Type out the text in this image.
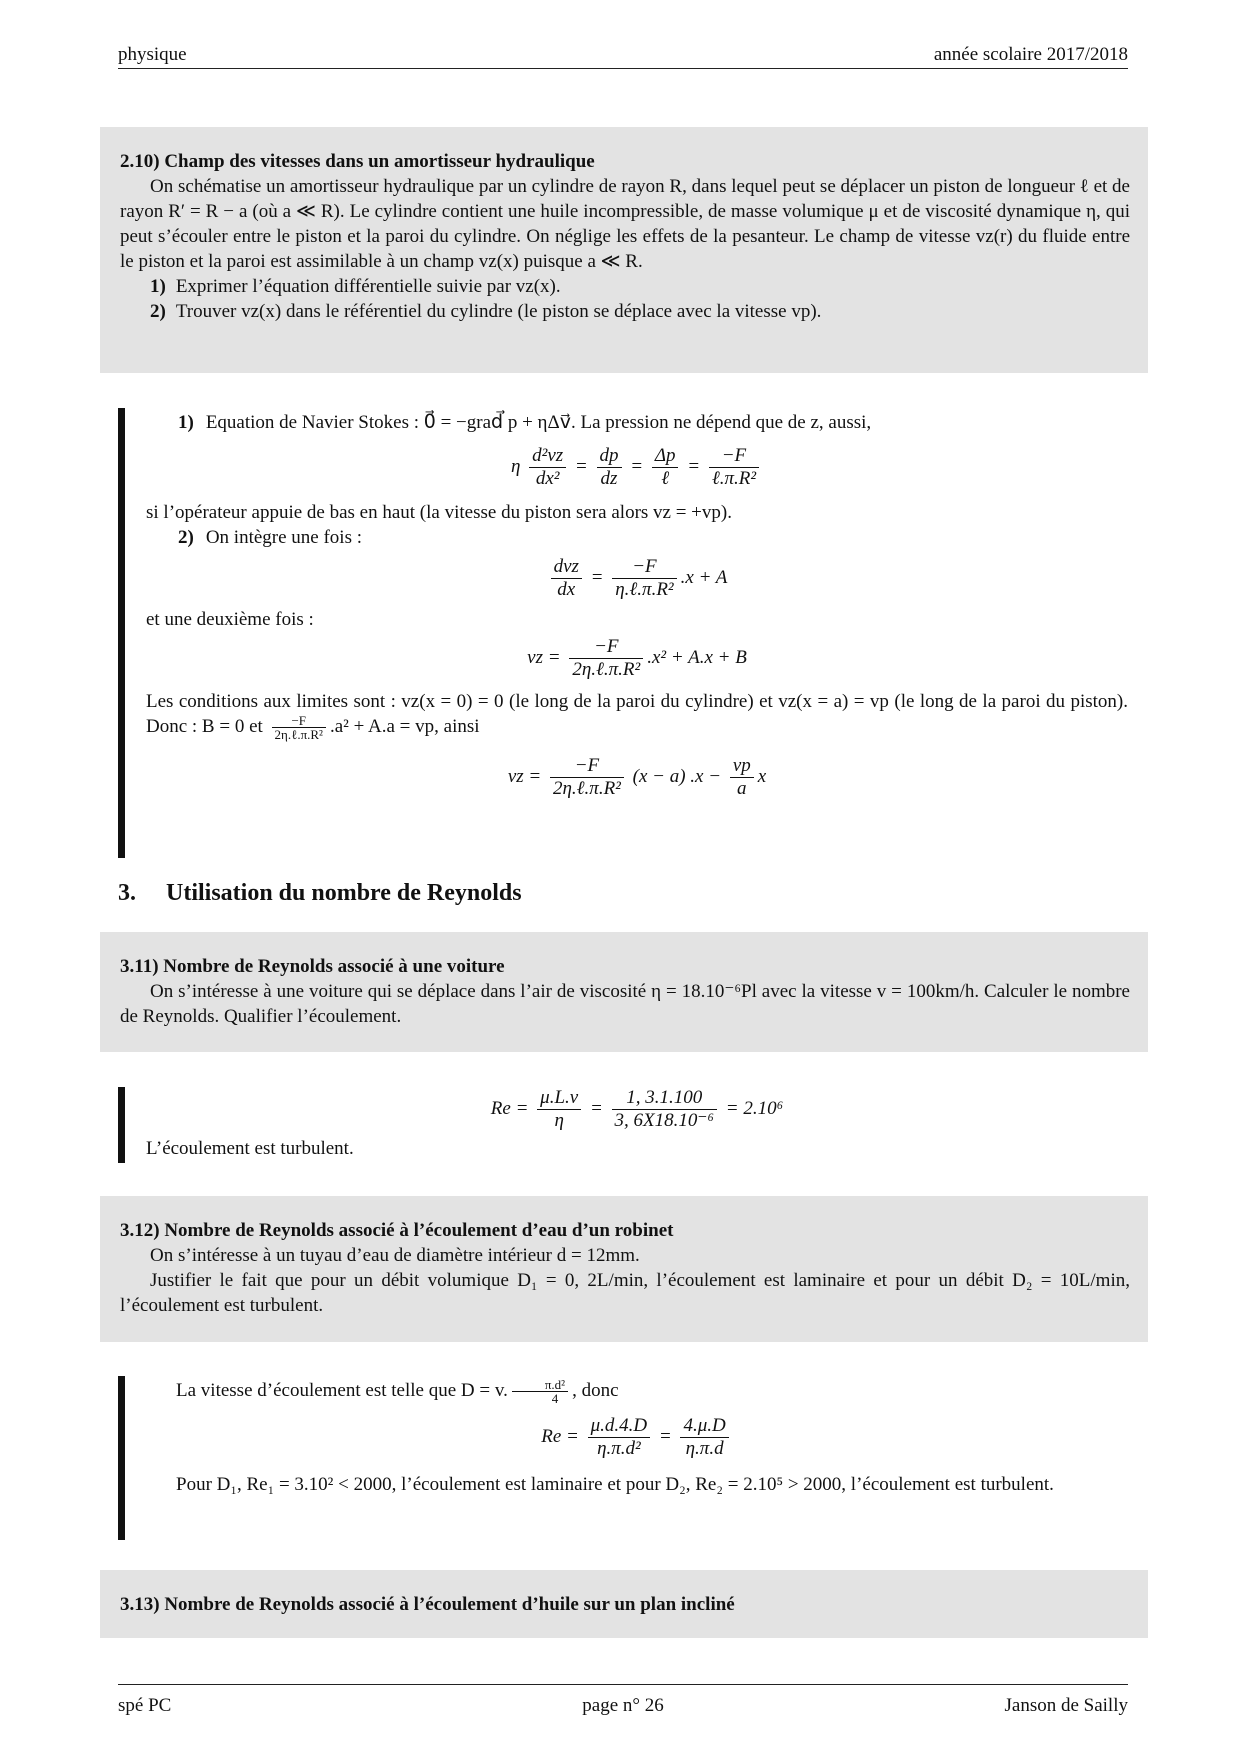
physique	année scolaire 2017/2018
2.10) Champ des vitesses dans un amortisseur hydraulique

On schématise un amortisseur hydraulique par un cylindre de rayon R, dans lequel peut se déplacer un piston de longueur ℓ et de rayon R′ = R − a (où a ≪ R). Le cylindre contient une huile incompressible, de masse volumique μ et de viscosité dynamique η, qui peut s’écouler entre le piston et la paroi du cylindre. On néglige les effets de la pesanteur. Le champ de vitesse vz(r) du fluide entre le piston et la paroi est assimilable à un champ vz(x) puisque a ≪ R.

1) Exprimer l’équation différentielle suivie par vz(x).

2) Trouver vz(x) dans le référentiel du cylindre (le piston se déplace avec la vitesse vp).

1) Equation de Navier Stokes : 0⃗ = −grad⃗ p + ηΔv⃗. La pression ne dépend que de z, aussi,

η $\frac{\text{d²vz}}{\text{dx²}} = \frac{dp}{dz} = \frac{\Delta p}{\text{ℓ}} = \frac{-F}{\text{ℓ.π.R²}}$

si l’opérateur appuie de bas en haut (la vitesse du piston sera alors vz = +vp).

2) On intègre une fois :

$\frac{\text{dvz}}{dx} = \frac{-F}{\text{η.ℓ.π.R²}} .x + A$

et une deuxième fois :

vz = $\frac{-F}{\text{2η.ℓ.π.R²}} .x^2 + A.x + B$

Les conditions aux limites sont : vz(x = 0) = 0 (le long de la paroi du cylindre) et vz(x = a) = vp (le long de la paroi du piston). Donc : B = 0 et $\frac{-F}{\text{2η.ℓ.π.R²}} .a^2 + A.a$ = vp, ainsi

vz = $\frac{-F}{\text{2η.ℓ.π.R²}} (x - a) .x - \frac{vp}{a}$ x
3. Utilisation du nombre de Reynolds
3.11) Nombre de Reynolds associé à une voiture

On s’intéresse à une voiture qui se déplace dans l’air de viscosité η = 18.10⁻⁶Pl avec la vitesse v = 100km/h. Calculer le nombre de Reynolds. Qualifier l’écoulement.

$Re = \frac{\mu.L.v}{\eta} = \frac{1, 3.1.100}{\text{3, 6X18.10⁻⁶}} = 2.10^6$

L’écoulement est turbulent.

3.12) Nombre de Reynolds associé à l’écoulement d’eau d’un robinet

On s’intéresse à un tuyau d’eau de diamètre intérieur d = 12mm.

Justifier le fait que pour un débit volumique D₁ = 0, 2L/min, l’écoulement est laminaire et pour un débit D₂ = 10L/min, l’écoulement est turbulent.

La vitesse d’écoulement est telle que D = v. $\frac{\text{π.d²}}{4}$ , donc

$Re = \frac{\mu.d.4.D}{\text{η.π.d²}} = \frac{4.\mu.D}{\eta.\pi.d}$

Pour D₁, Re₁ = 3.10² < 2000, l’écoulement est laminaire et pour D₂, Re₂ = 2.10⁵ > 2000, l’écoulement est turbulent.

3.13) Nombre de Reynolds associé à l’écoulement d’huile sur un plan incliné
spé PC	page n° 26	Janson de Sailly
